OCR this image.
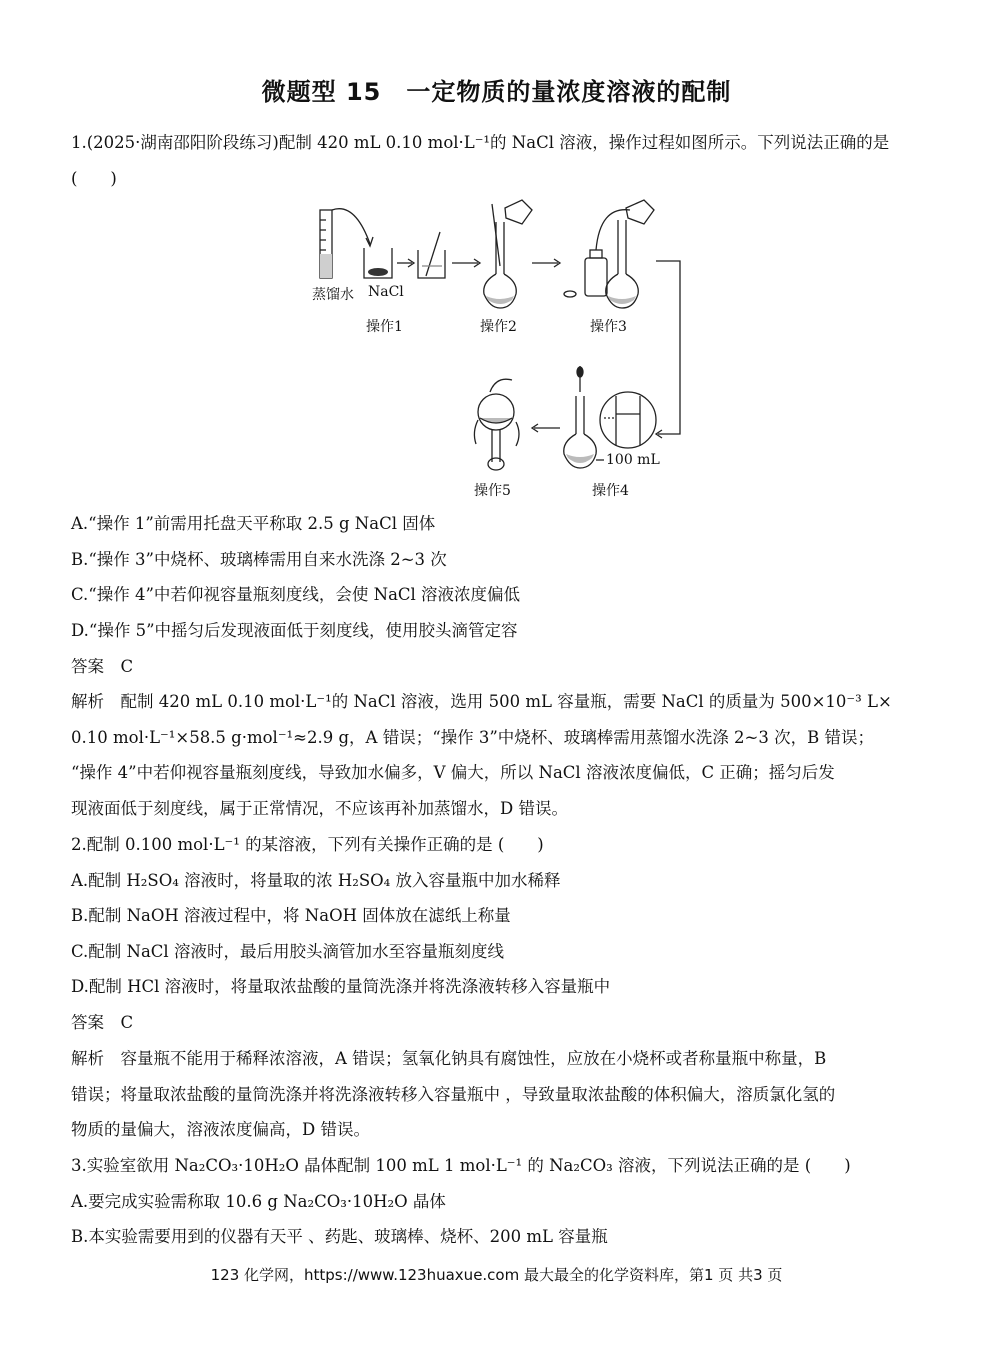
微题型 15　一定物质的量浓度溶液的配制
1.(2025·湖南邵阳阶段练习)配制 420 mL 0.10 mol·L⁻¹的 NaCl 溶液，操作过程如图所示。下列说法正确的是
(　　)
蒸馏水 NaCl
操作1	操作2	操作3
100 mL
操作4
操作5
A.“操作 1”前需用托盘天平称取 2.5 g NaCl 固体
B.“操作 3”中烧杯、玻璃棒需用自来水洗涤 2~3 次
C.“操作 4”中若仰视容量瓶刻度线，会使 NaCl 溶液浓度偏低
D.“操作 5”中摇匀后发现液面低于刻度线，使用胶头滴管定容
答案　C
解析　配制 420 mL 0.10 mol·L⁻¹的 NaCl 溶液，选用 500 mL 容量瓶，需要 NaCl 的质量为 500×10⁻³ L×
0.10 mol·L⁻¹×58.5 g·mol⁻¹≈2.9 g，A 错误；“操作 3”中烧杯、玻璃棒需用蒸馏水洗涤 2~3 次，B 错误；
“操作 4”中若仰视容量瓶刻度线，导致加水偏多，V 偏大，所以 NaCl 溶液浓度偏低，C 正确；摇匀后发
现液面低于刻度线，属于正常情况，不应该再补加蒸馏水，D 错误。
2.配制 0.100 mol·L⁻¹ 的某溶液，下列有关操作正确的是 (　　)
A.配制 H₂SO₄ 溶液时，将量取的浓 H₂SO₄ 放入容量瓶中加水稀释
B.配制 NaOH 溶液过程中，将 NaOH 固体放在滤纸上称量
C.配制 NaCl 溶液时，最后用胶头滴管加水至容量瓶刻度线
D.配制 HCl 溶液时，将量取浓盐酸的量筒洗涤并将洗涤液转移入容量瓶中
答案　C
解析　容量瓶不能用于稀释浓溶液，A 错误；氢氧化钠具有腐蚀性，应放在小烧杯或者称量瓶中称量，B
错误；将量取浓盐酸的量筒洗涤并将洗涤液转移入容量瓶中 ，导致量取浓盐酸的体积偏大，溶质氯化氢的
物质的量偏大，溶液浓度偏高，D 错误。
3.实验室欲用 Na₂CO₃·10H₂O 晶体配制 100 mL 1 mol·L⁻¹ 的 Na₂CO₃ 溶液，下列说法正确的是 (　　)
A.要完成实验需称取 10.6 g Na₂CO₃·10H₂O 晶体
B.本实验需要用到的仪器有天平 、药匙、玻璃棒、烧杯、200 mL 容量瓶
123 化学网，https://www.123huaxue.com 最大最全的化学资料库，第1 页 共3 页
